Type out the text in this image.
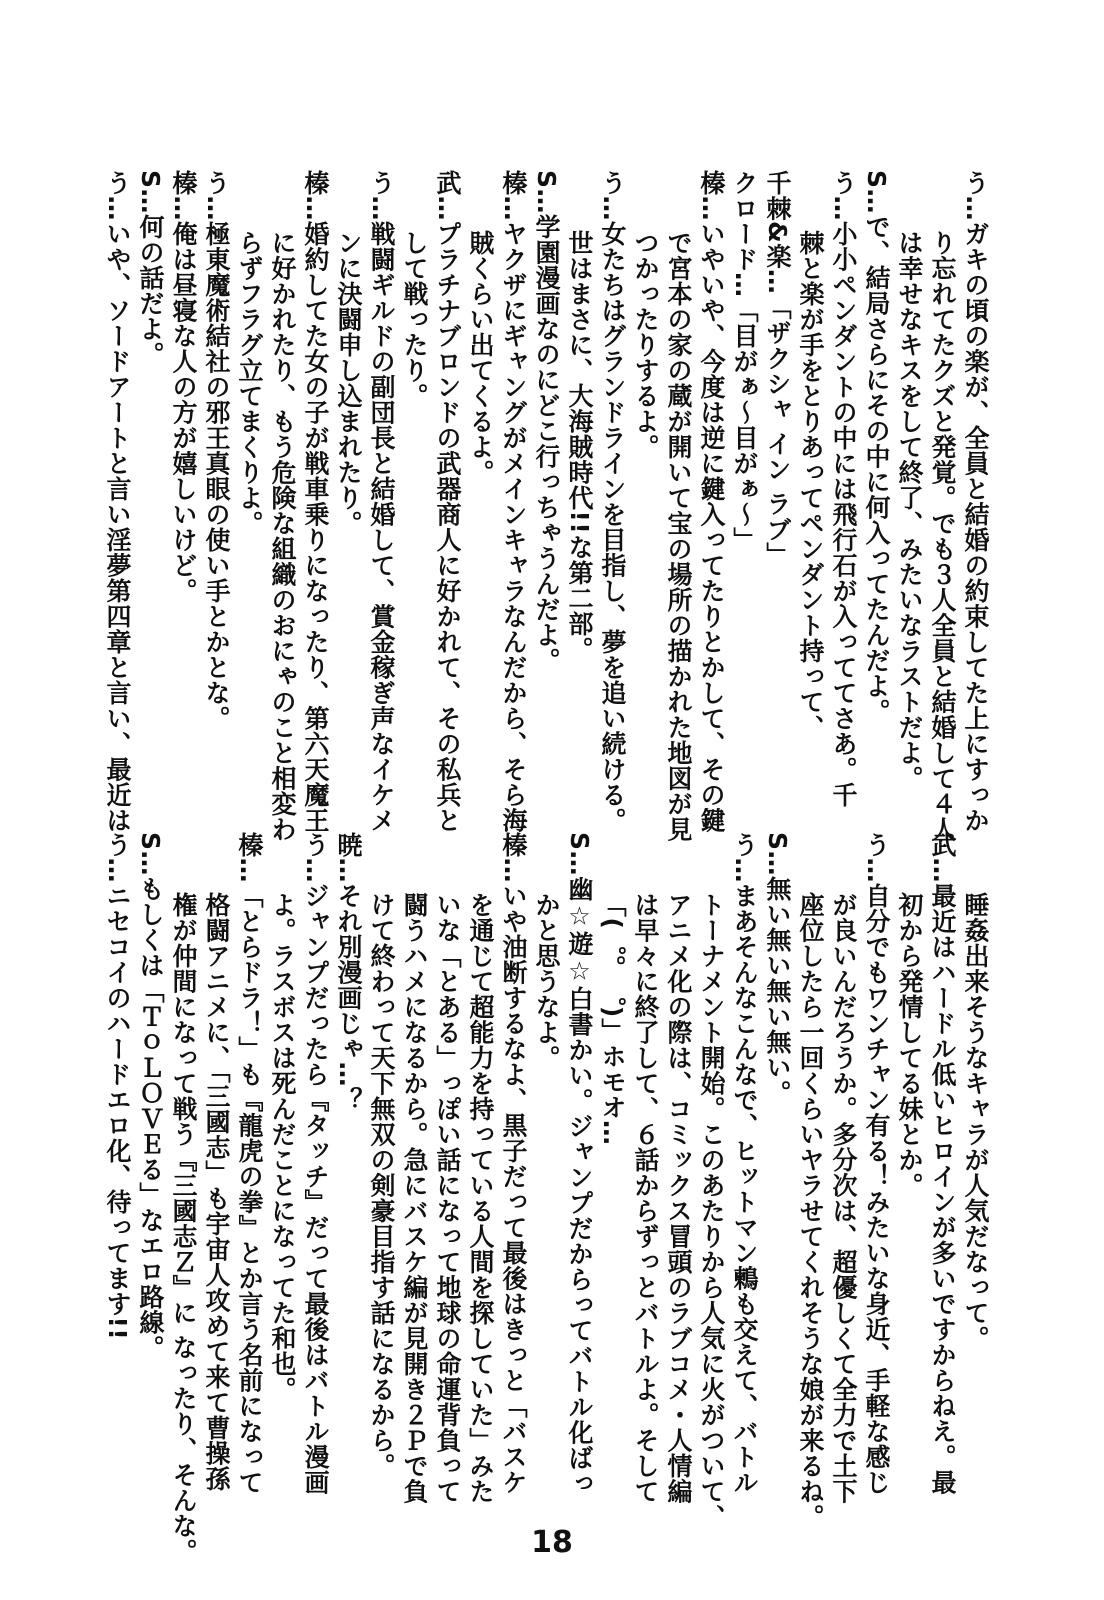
う…ガキの頃の楽が、全員と結婚の約束してた上にすっか
り忘れてたクズと発覚。でも３人全員と結婚して４人
は幸せなキスをして終了、みたいなラストだよ。
S…で、結局さらにその中に何入ってたんだよ。
う…小小ペンダントの中には飛行石が入っててさあ。千
棘と楽が手をとりあってペンダント持って、
千棘&楽…「ザクシャ イン ラブ」
クロード…「目がぁ～目がぁ～」
榛…いやいや、今度は逆に鍵入ってたりとかして、その鍵
で宮本の家の蔵が開いて宝の場所の描かれた地図が見
つかったりするよ。
う…女たちはグランドラインを目指し、夢を追い続ける。
世はまさに、大海賊時代!!な第二部。
S…学園漫画なのにどこ行っちゃうんだよ。
榛…ヤクザにギャングがメインキャラなんだから、そら海
賊くらい出てくるよ。
武…プラチナブロンドの武器商人に好かれて、その私兵と
して戦ったり。
う…戦闘ギルドの副団長と結婚して、賞金稼ぎ声なイケメ
ンに決闘申し込まれたり。
榛…婚約してた女の子が戦車乗りになったり、第六天魔王
に好かれたり、もう危険な組織のおにゃのこと相変わ
らずフラグ立てまくりよ。
う…極東魔術結社の邪王真眼の使い手とかとな。
榛…俺は昼寝な人の方が嬉しいけど。
S…何の話だよ。
う…いや、ソードアートと言い淫夢第四章と言い、最近は
睡姦出来そうなキャラが人気だなって。
武…最近はハードル低いヒロインが多いですからねえ。最
初から発情してる妹とか。
う…自分でもワンチャン有る！みたいな身近、手軽な感じ
が良いんだろうか。多分次は、超優しくて全力で土下
座位したら一回くらいヤラせてくれそうな娘が来るね。
S…無い無い無い無い。
う…まあそんなこんなで、ヒットマン鶫も交えて、バトル
トーナメント開始。このあたりから人気に火がついて、
アニメ化の際は、コミックス冒頭のラブコメ・人情編
は早々に終了して、６話からずっとバトルよ。そして
「(゜。゜)」ホモオ…
S…幽☆遊☆白書かい。ジャンプだからってバトル化ばっ
かと思うなよ。
榛…いや油断するなよ、黒子だって最後はきっと「バスケ
を通じて超能力を持っている人間を探していた」みた
いな「とある」っぽい話になって地球の命運背負って
闘うハメになるから。急にバスケ編が見開き２Ｐで負
けて終わって天下無双の剣豪目指す話になるから。
暁…それ別漫画じゃ…？
う…ジャンプだったら『タッチ』だって最後はバトル漫画
よ。ラスボスは死んだことになってた和也。
榛…「とらドラ！」も『龍虎の拳』とか言う名前になって
格闘アニメに、「三國志」も宇宙人攻めて来て曹操孫
権が仲間になって戦う『三國志Ｚ』に なったり、そんな。
S…もしくは「ＴｏＬＯＶＥる」なエロ路線。
う…ニセコイのハードエロ化、待ってます!!
18
